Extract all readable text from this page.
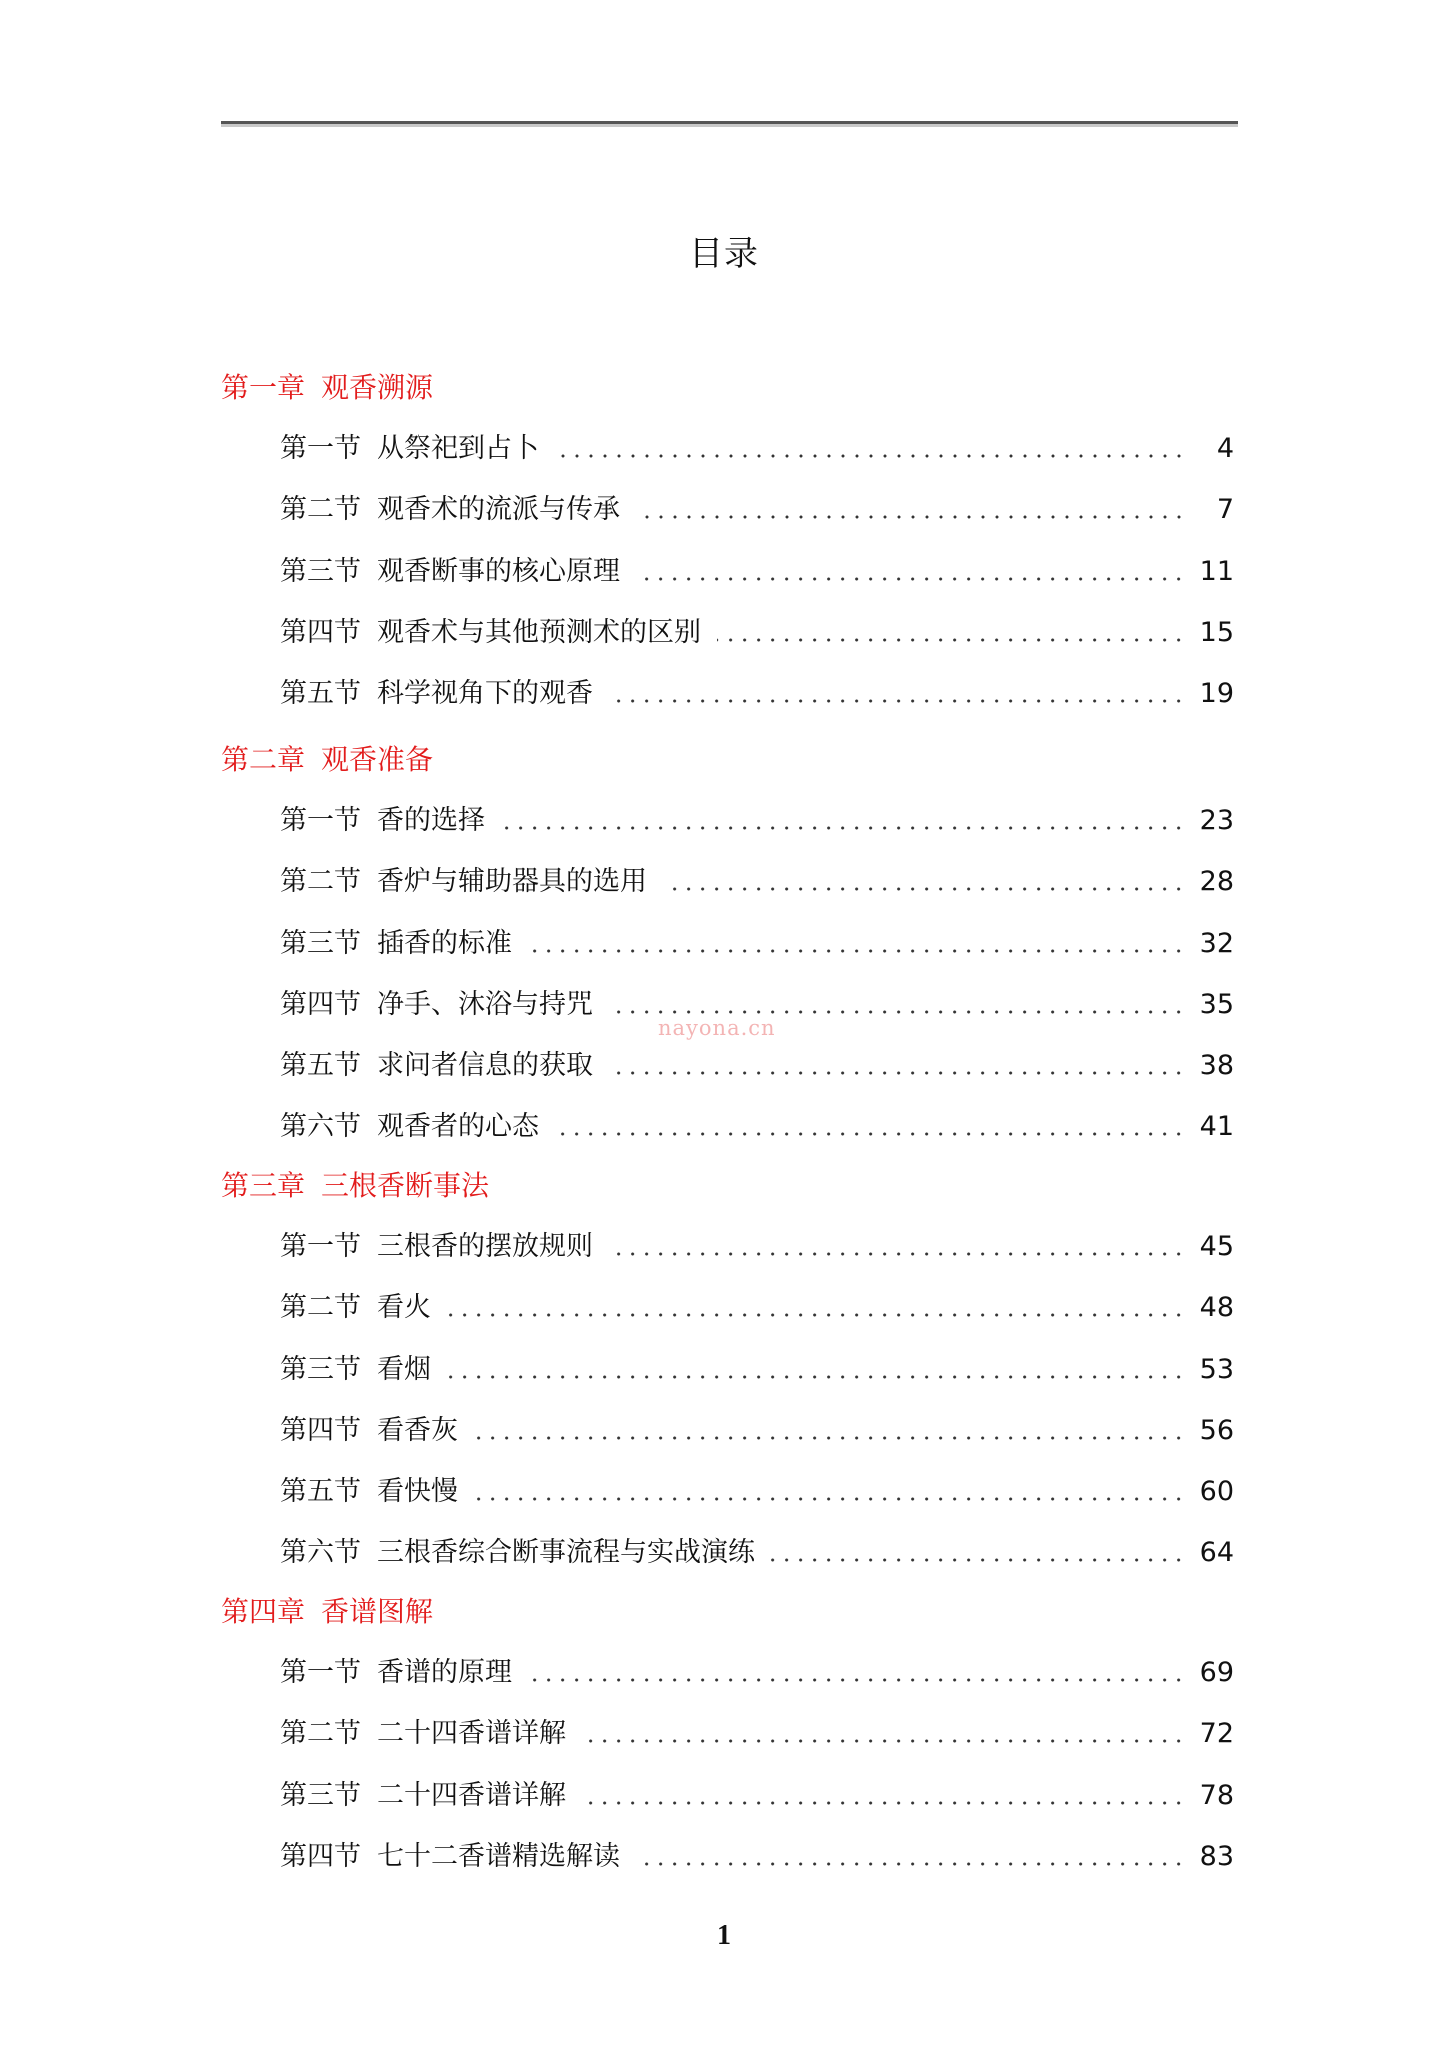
目录
第一章 观香溯源
第一节 从祭祀到占卜	4
第二节 观香术的流派与传承	7
第三节 观香断事的核心原理	11
第四节 观香术与其他预测术的区别	15
第五节 科学视角下的观香	19
第二章 观香准备
第一节 香的选择	23
第二节 香炉与辅助器具的选用	28
第三节 插香的标准	32
第四节 净手、沐浴与持咒	35
第五节 求问者信息的获取	38
第六节 观香者的心态	41
第三章 三根香断事法
第一节 三根香的摆放规则	45
第二节 看火	48
第三节 看烟	53
第四节 看香灰	56
第五节 看快慢	60
第六节 三根香综合断事流程与实战演练	64
第四章 香谱图解
第一节 香谱的原理	69
第二节 二十四香谱详解	72
第三节 二十四香谱详解	78
第四节 七十二香谱精选解读	83
nayona.cn
1
